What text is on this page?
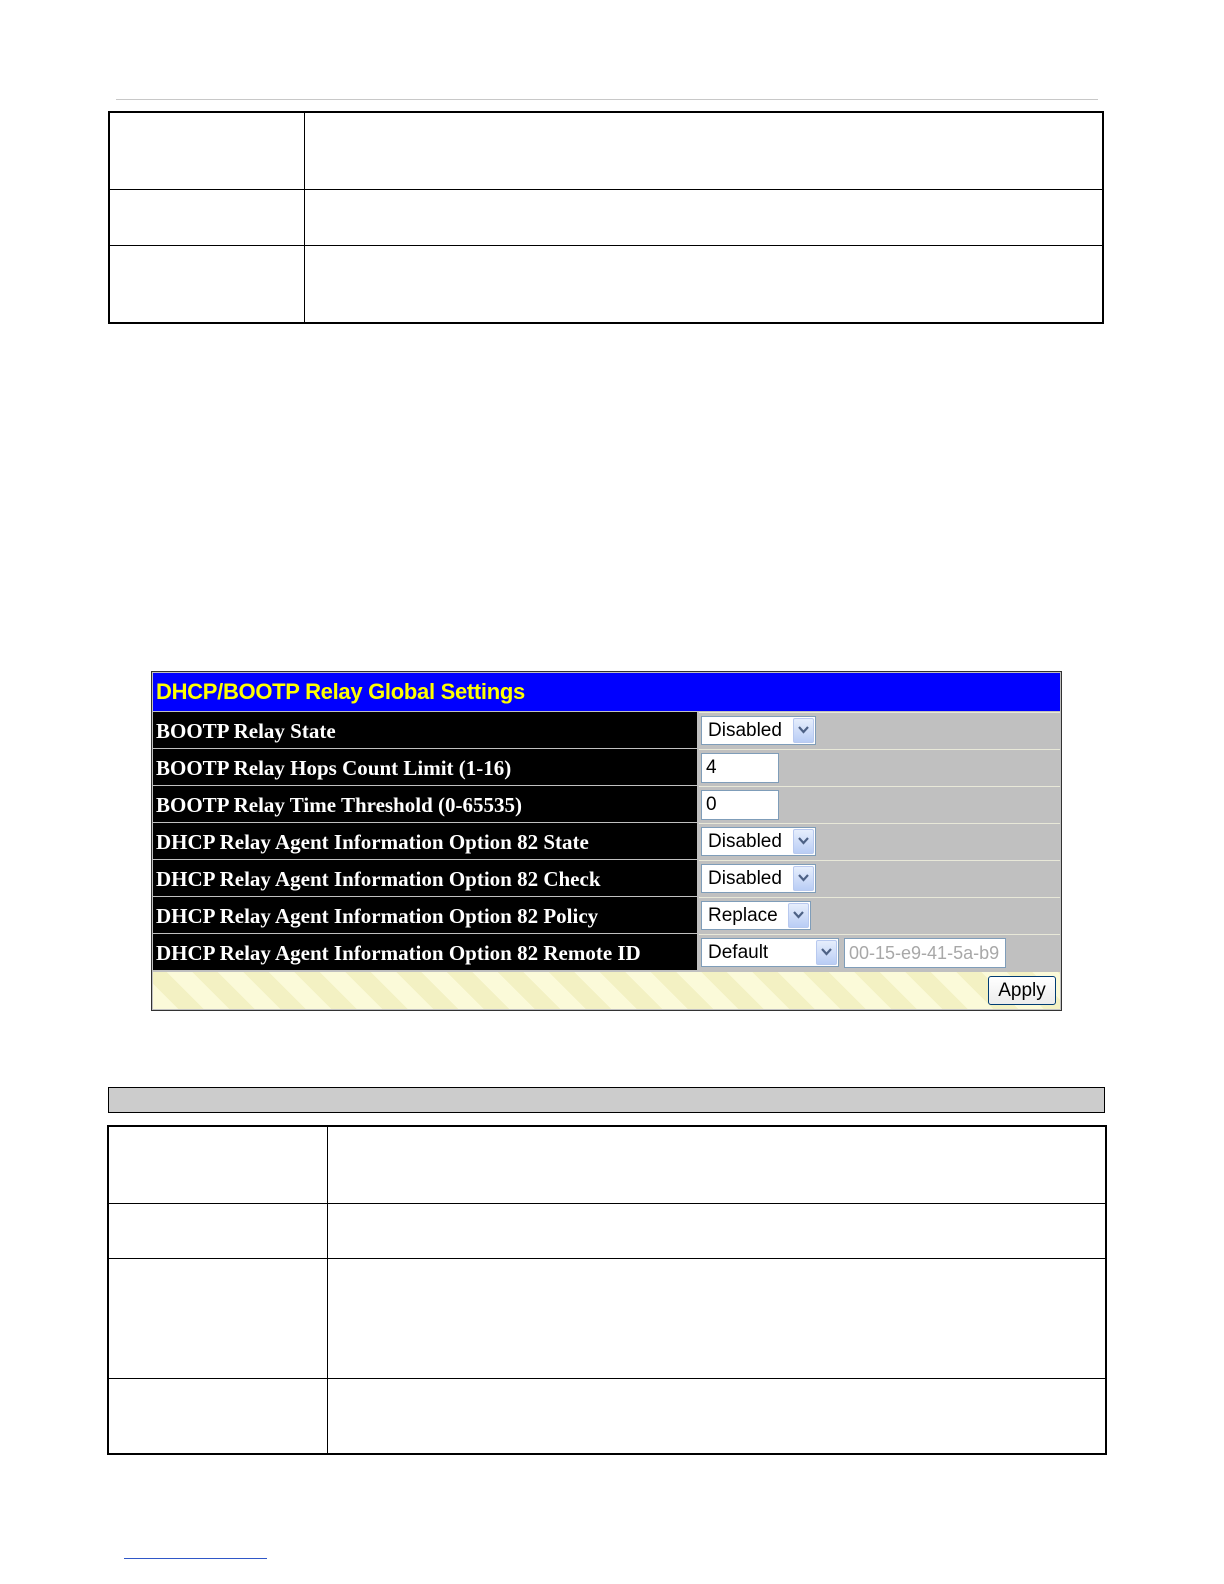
DHCP/BOOTP Relay Global Settings
BOOTP Relay State	Disabled
BOOTP Relay Hops Count Limit (1-16)	4
BOOTP Relay Time Threshold (0-65535)	0
DHCP Relay Agent Information Option 82 State	Disabled
DHCP Relay Agent Information Option 82 Check	Disabled
DHCP Relay Agent Information Option 82 Policy	Replace
DHCP Relay Agent Information Option 82 Remote ID	Default	00-15-e9-41-5a-b9
Apply
